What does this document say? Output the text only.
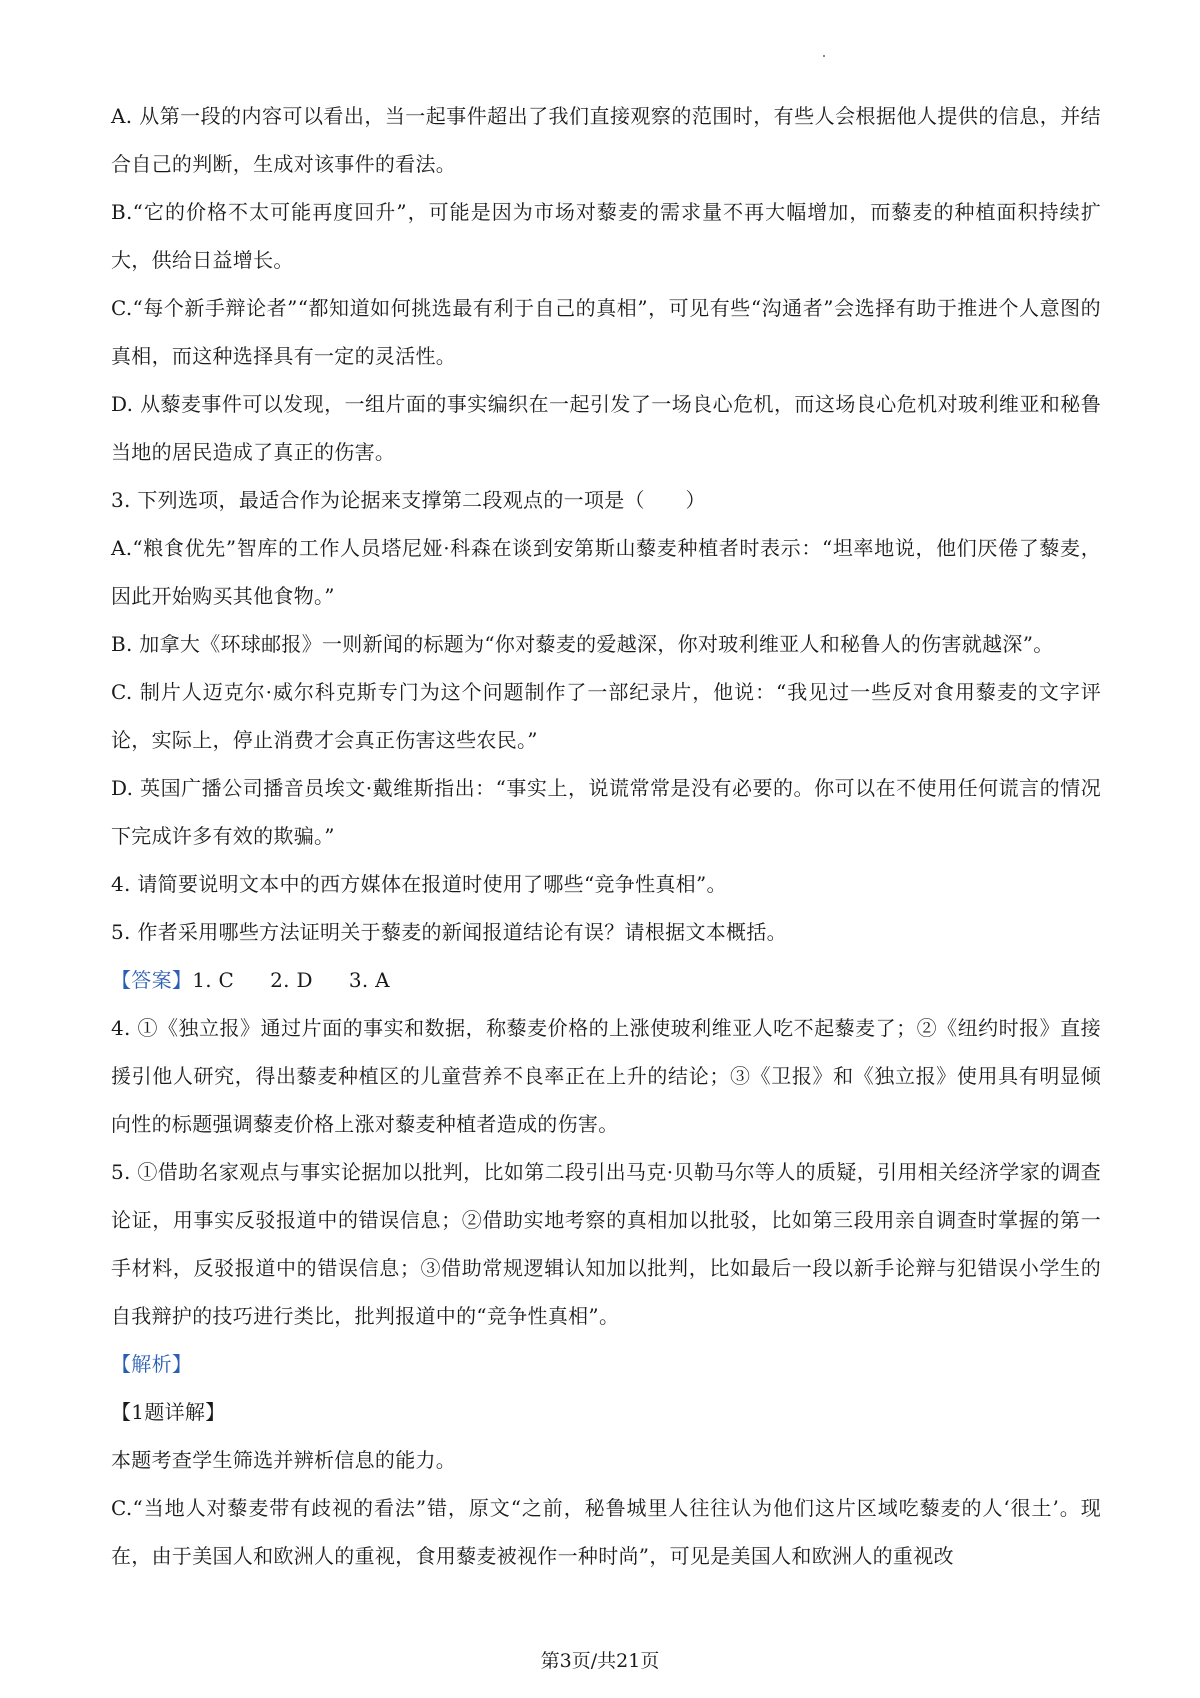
A. 从第一段的内容可以看出，当一起事件超出了我们直接观察的范围时，有些人会根据他人提供的信息，并结合自己的判断，生成对该事件的看法。

B.“它的价格不太可能再度回升”，可能是因为市场对藜麦的需求量不再大幅增加，而藜麦的种植面积持续扩大，供给日益增长。

C.“每个新手辩论者”“都知道如何挑选最有利于自己的真相”，可见有些“沟通者”会选择有助于推进个人意图的真相，而这种选择具有一定的灵活性。

D. 从藜麦事件可以发现，一组片面的事实编织在一起引发了一场良心危机，而这场良心危机对玻利维亚和秘鲁当地的居民造成了真正的伤害。

3. 下列选项，最适合作为论据来支撑第二段观点的一项是（　　）

A.“粮食优先”智库的工作人员塔尼娅·科森在谈到安第斯山藜麦种植者时表示：“坦率地说，他们厌倦了藜麦，因此开始购买其他食物。”

B. 加拿大《环球邮报》一则新闻的标题为“你对藜麦的爱越深，你对玻利维亚人和秘鲁人的伤害就越深”。

C. 制片人迈克尔·威尔科克斯专门为这个问题制作了一部纪录片，他说：“我见过一些反对食用藜麦的文字评论，实际上，停止消费才会真正伤害这些农民。”

D. 英国广播公司播音员埃文·戴维斯指出：“事实上，说谎常常是没有必要的。你可以在不使用任何谎言的情况下完成许多有效的欺骗。”

4. 请简要说明文本中的西方媒体在报道时使用了哪些“竞争性真相”。

5. 作者采用哪些方法证明关于藜麦的新闻报道结论有误？请根据文本概括。

【答案】1. C 2. D 3. A

4. ①《独立报》通过片面的事实和数据，称藜麦价格的上涨使玻利维亚人吃不起藜麦了；②《纽约时报》直接援引他人研究，得出藜麦种植区的儿童营养不良率正在上升的结论；③《卫报》和《独立报》使用具有明显倾向性的标题强调藜麦价格上涨对藜麦种植者造成的伤害。

5. ①借助名家观点与事实论据加以批判，比如第二段引出马克·贝勒马尔等人的质疑，引用相关经济学家的调查论证，用事实反驳报道中的错误信息；②借助实地考察的真相加以批驳，比如第三段用亲自调查时掌握的第一手材料，反驳报道中的错误信息；③借助常规逻辑认知加以批判，比如最后一段以新手论辩与犯错误小学生的自我辩护的技巧进行类比，批判报道中的“竞争性真相”。

【解析】

【1题详解】

本题考查学生筛选并辨析信息的能力。

C.“当地人对藜麦带有歧视的看法”错，原文“之前，秘鲁城里人往往认为他们这片区域吃藜麦的人‘很土’。现在，由于美国人和欧洲人的重视，食用藜麦被视作一种时尚”，可见是美国人和欧洲人的重视改

第3页/共21页
